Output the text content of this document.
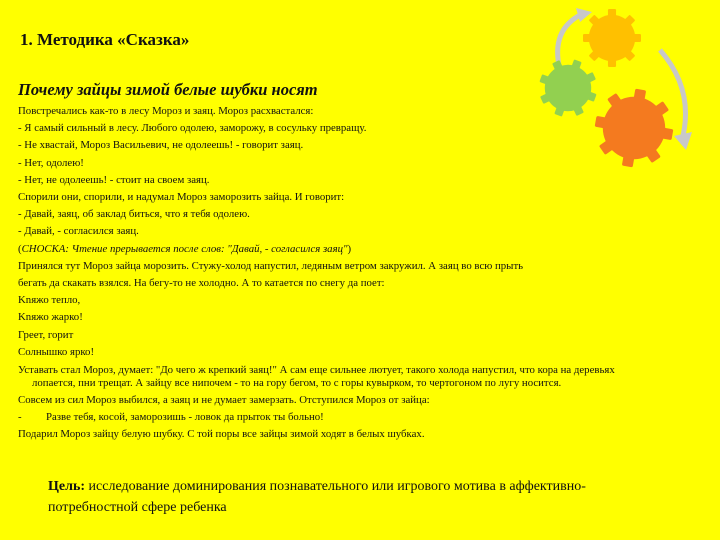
1. Методика «Сказка»
Почему зайцы зимой белые шубки носят
Повстречались как-то в лесу Мороз и заяц. Мороз расхвастался:
- Я самый сильный в лесу. Любого одолею, заморожу, в сосульку превращу.
- Не хвастай, Мороз Васильевич, не одолеешь! - говорит заяц.
- Нет, одолею!
- Нет, не одолеешь! - стоит на своем заяц.
Спорили они, спорили, и надумал Мороз заморозить зайца. И говорит:
- Давай, заяц, об заклад биться, что я тебя одолею.
- Давай, - согласился заяц.
(СНОСКА: Чтение прерывается после слов: "Давай, - согласился заяц")
Принялся тут Мороз зайца морозить. Стужу-холод напустил, ледяным ветром закружил. А заяц во всю прыть
бегать да скакать взялся. На бегу-то не холодно. А то катается по снегу да поет:
Knяжо тепло,
Knяжо жарко!
Греет, горит
Солнышко ярко!
Уставать стал Мороз, думает: "До чего ж крепкий заяц!" А сам еще сильнее лютует, такого холода напустил, что кора на деревьях лопается, пни трещат. А зайцу все нипочем - то на гору бегом, то с горы кувырком, то чертогоном по лугу носится.
Совсем из сил Мороз выбился, а заяц и не думает замерзать. Отступился Мороз от зайца:
- Разве тебя, косой, заморозишь - ловок да прыток ты больно!
Подарил Мороз зайцу белую шубку. С той поры все зайцы зимой ходят в белых шубках.
Цель: исследование доминирования познавательного или игрового мотива в аффективно-потребностной сфере ребенка
